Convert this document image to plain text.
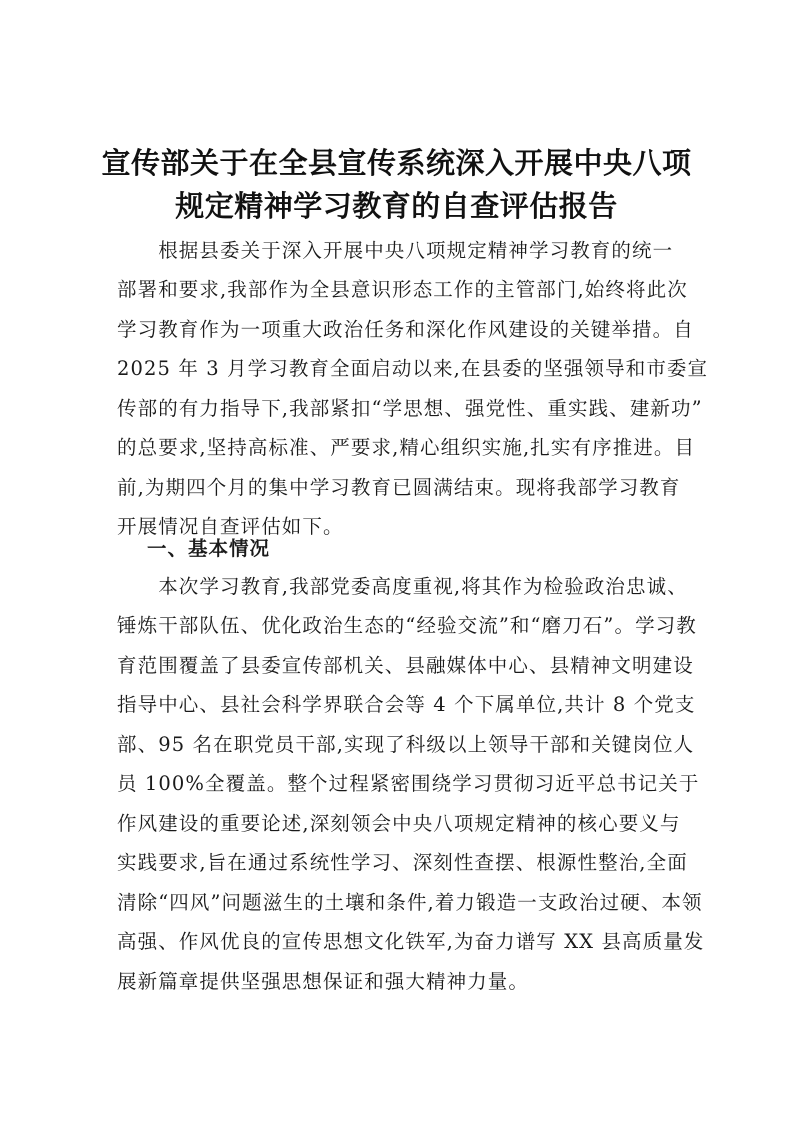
宣传部关于在全县宣传系统深入开展中央八项
规定精神学习教育的自查评估报告
　　根据县委关于深入开展中央八项规定精神学习教育的统一
部署和要求,我部作为全县意识形态工作的主管部门,始终将此次
学习教育作为一项重大政治任务和深化作风建设的关键举措。自
2025 年 3 月学习教育全面启动以来,在县委的坚强领导和市委宣
传部的有力指导下,我部紧扣“学思想、强党性、重实践、建新功”
的总要求,坚持高标准、严要求,精心组织实施,扎实有序推进。目
前,为期四个月的集中学习教育已圆满结束。现将我部学习教育
开展情况自查评估如下。
一、基本情况
　　本次学习教育,我部党委高度重视,将其作为检验政治忠诚、
锤炼干部队伍、优化政治生态的“经验交流”和“磨刀石”。学习教
育范围覆盖了县委宣传部机关、县融媒体中心、县精神文明建设
指导中心、县社会科学界联合会等 4 个下属单位,共计 8 个党支
部、95 名在职党员干部,实现了科级以上领导干部和关键岗位人
员 100%全覆盖。整个过程紧密围绕学习贯彻习近平总书记关于
作风建设的重要论述,深刻领会中央八项规定精神的核心要义与
实践要求,旨在通过系统性学习、深刻性查摆、根源性整治,全面
清除“四风”问题滋生的土壤和条件,着力锻造一支政治过硬、本领
高强、作风优良的宣传思想文化铁军,为奋力谱写 XX 县高质量发
展新篇章提供坚强思想保证和强大精神力量。
